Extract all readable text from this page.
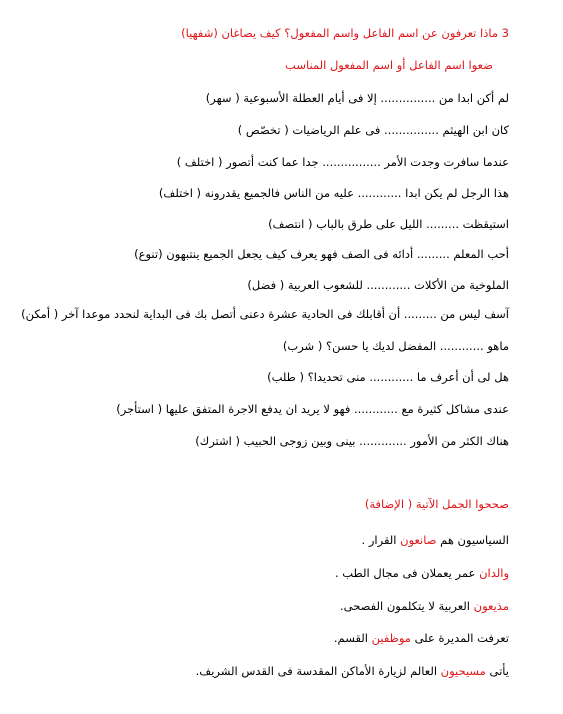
3 ماذا تعرفون عن اسم الفاعل واسم المفعول؟ كيف يصاغان (شفهيا)
ضعوا اسم الفاعل أو اسم المفعول المناسب
لم أكن ابدا من ............... إلا فى أيام العطلة الأسبوعية ( سهر)
كان ابن الهيثم ............... فى علم الرياضيات ( تخصّص )
عندما سافرت وجدت الأمر ................ جدا عما كنت أتصور ( اختلف )
هذا الرجل لم يكن ابدا ............ عليه من الناس فالجميع يقدرونه ( اختلف)
استيقظت ......... الليل على طرق بالباب ( انتصف)
أحب المعلم ......... أدائه فى الصف فهو يعرف كيف يجعل الجميع ينتبهون (تنوع)
الملوخية من الأكلات ............ للشعوب العربية ( فضل)
آسف ليس من ......... أن أقابلك فى الحادية عشرة دعنى أتصل بك فى البداية لنحدد موعدا آخر ( أمكن)
ماهو ............ المفضل لديك يا حسن؟ ( شرب)
هل لى أن أعرف ما ............ منى تحديدا؟ ( طلب)
عندى مشاكل كثيرة مع ............ فهو لا يريد ان يدفع الاجرة المتفق عليها ( استأجر)
هناك الكثر من الأمور ............. بينى وبين زوجى الحبيب ( اشترك)
صححوا الجمل الآتية ( الإضافة)
السياسيون هم صانعون القرار .
والدان عمر يعملان فى مجال الطب .
مذيعون العربية لا يتكلمون الفصحى.
تعرفت المديرة على موظفين القسم.
يأتى مسيحيون العالم لزيارة الأماكن المقدسة فى القدس الشريف.
